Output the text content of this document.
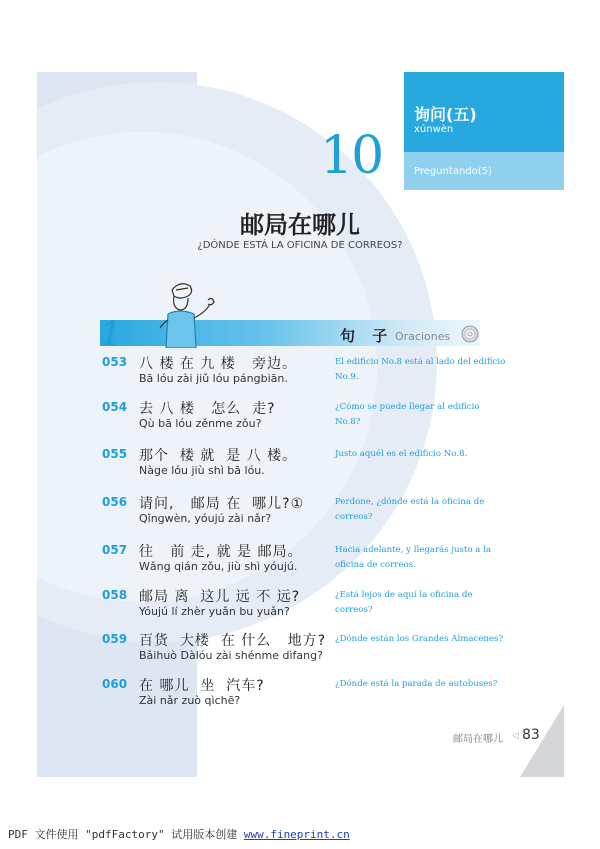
询问(五)
xúnwèn
Preguntando(5)
10
邮局在哪儿
¿DÓNDE ESTÁ LA OFICINA DE CORREOS?
1	句 子 Oraciones
053 八 楼 在 九 楼   旁边。
Bā lóu zài jiǔ lóu pángbiān.
El edificio No.8 está al lado del edificio No.9.
054 去 八 楼   怎么  走?
Qù bā lóu zěnme zǒu?
¿Cómo se puede llegar al edificio No.8?
055 那个  楼 就  是 八 楼。
Nàge lóu jiù shì bā lóu.
Justo aquél es el edificio No.8.
056 请问,   邮局 在  哪儿?①
Qǐngwèn, yóujú zài nǎr?
Perdone, ¿dónde está la oficina de correos?
057 往   前 走, 就 是 邮局。
Wǎng qián zǒu, jiù shì yóujú.
Hacia adelante, y llegarás justo a la oficina de correos.
058 邮局 离  这儿 远 不 远?
Yóujú lí zhèr yuǎn bu yuǎn?
¿Está lejos de aquí la oficina de correos?
059 百货  大楼  在 什么   地方?
Bǎihuò Dàlóu zài shénme dìfang?
¿Dónde están los Grandes Almacenes?
060 在 哪儿  坐  汽车?
Zài nǎr zuò qìchē?
¿Dónde está la parada de autobuses?
邮局在哪儿 ◁ 83
PDF 文件使用 "pdfFactory" 试用版本创建 www.fineprint.cn
